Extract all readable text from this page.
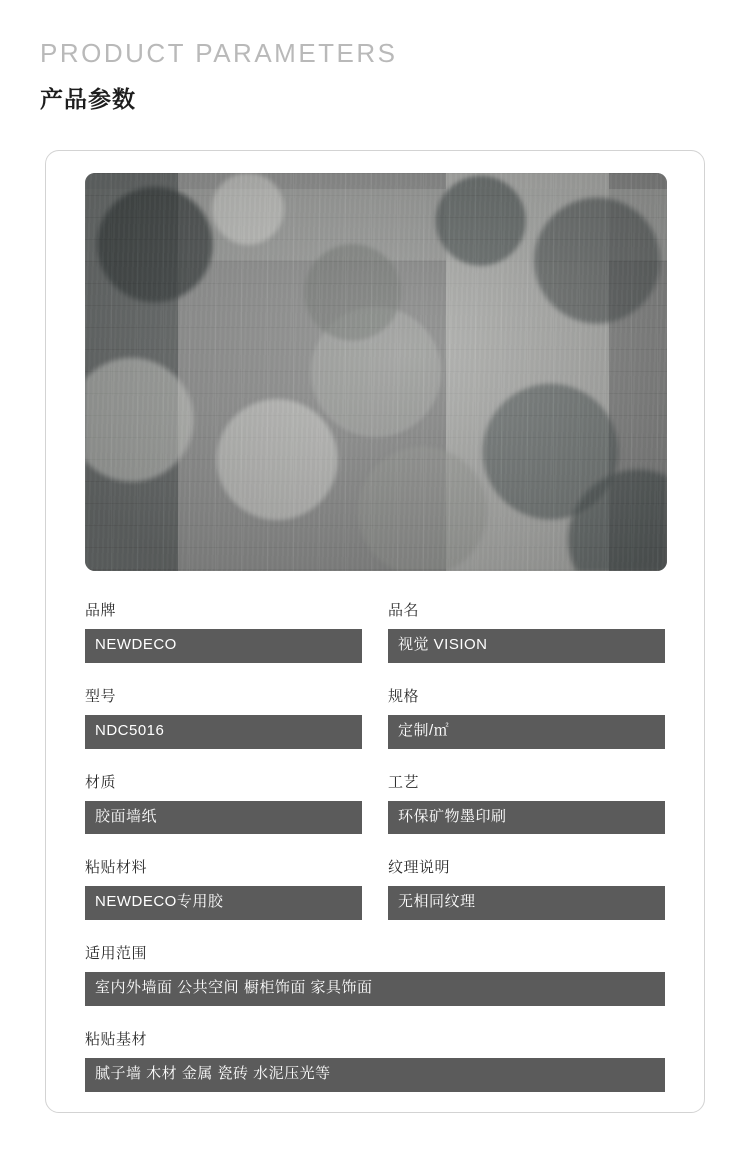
PRODUCT PARAMETERS
产品参数
品牌
NEWDECO
品名
视觉 VISION
型号
NDC5016
规格
定制/㎡
材质
胶面墙纸
工艺
环保矿物墨印刷
粘贴材料
NEWDECO专用胶
纹理说明
无相同纹理
适用范围
室内外墙面 公共空间 橱柜饰面 家具饰面
粘贴基材
腻子墙 木材 金属 瓷砖 水泥压光等
